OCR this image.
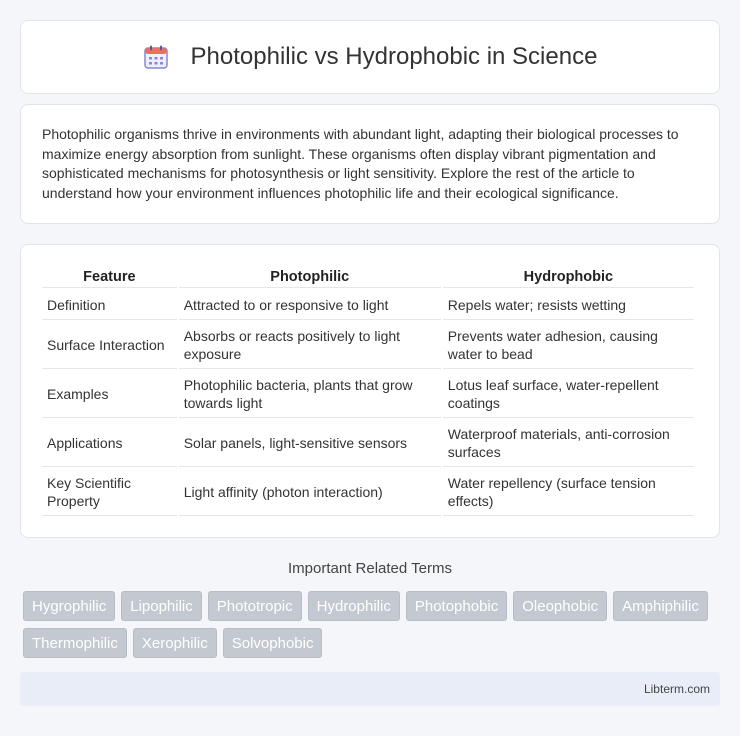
Photophilic vs Hydrophobic in Science

Photophilic organisms thrive in environments with abundant light, adapting their biological processes to maximize energy absorption from sunlight. These organisms often display vibrant pigmentation and sophisticated mechanisms for photosynthesis or light sensitivity. Explore the rest of the article to understand how your environment influences photophilic life and their ecological significance.

Feature	Photophilic	Hydrophobic
Definition	Attracted to or responsive to light	Repels water; resists wetting
Surface Interaction	Absorbs or reacts positively to light exposure	Prevents water adhesion, causing water to bead
Examples	Photophilic bacteria, plants that grow towards light	Lotus leaf surface, water-repellent coatings
Applications	Solar panels, light-sensitive sensors	Waterproof materials, anti-corrosion surfaces
Key Scientific Property	Light affinity (photon interaction)	Water repellency (surface tension effects)
Important Related Terms
Hygrophilic	Lipophilic	Phototropic	Hydrophilic	Photophobic	Oleophobic	Amphiphilic
Thermophilic	Xerophilic	Solvophobic
Libterm.com
